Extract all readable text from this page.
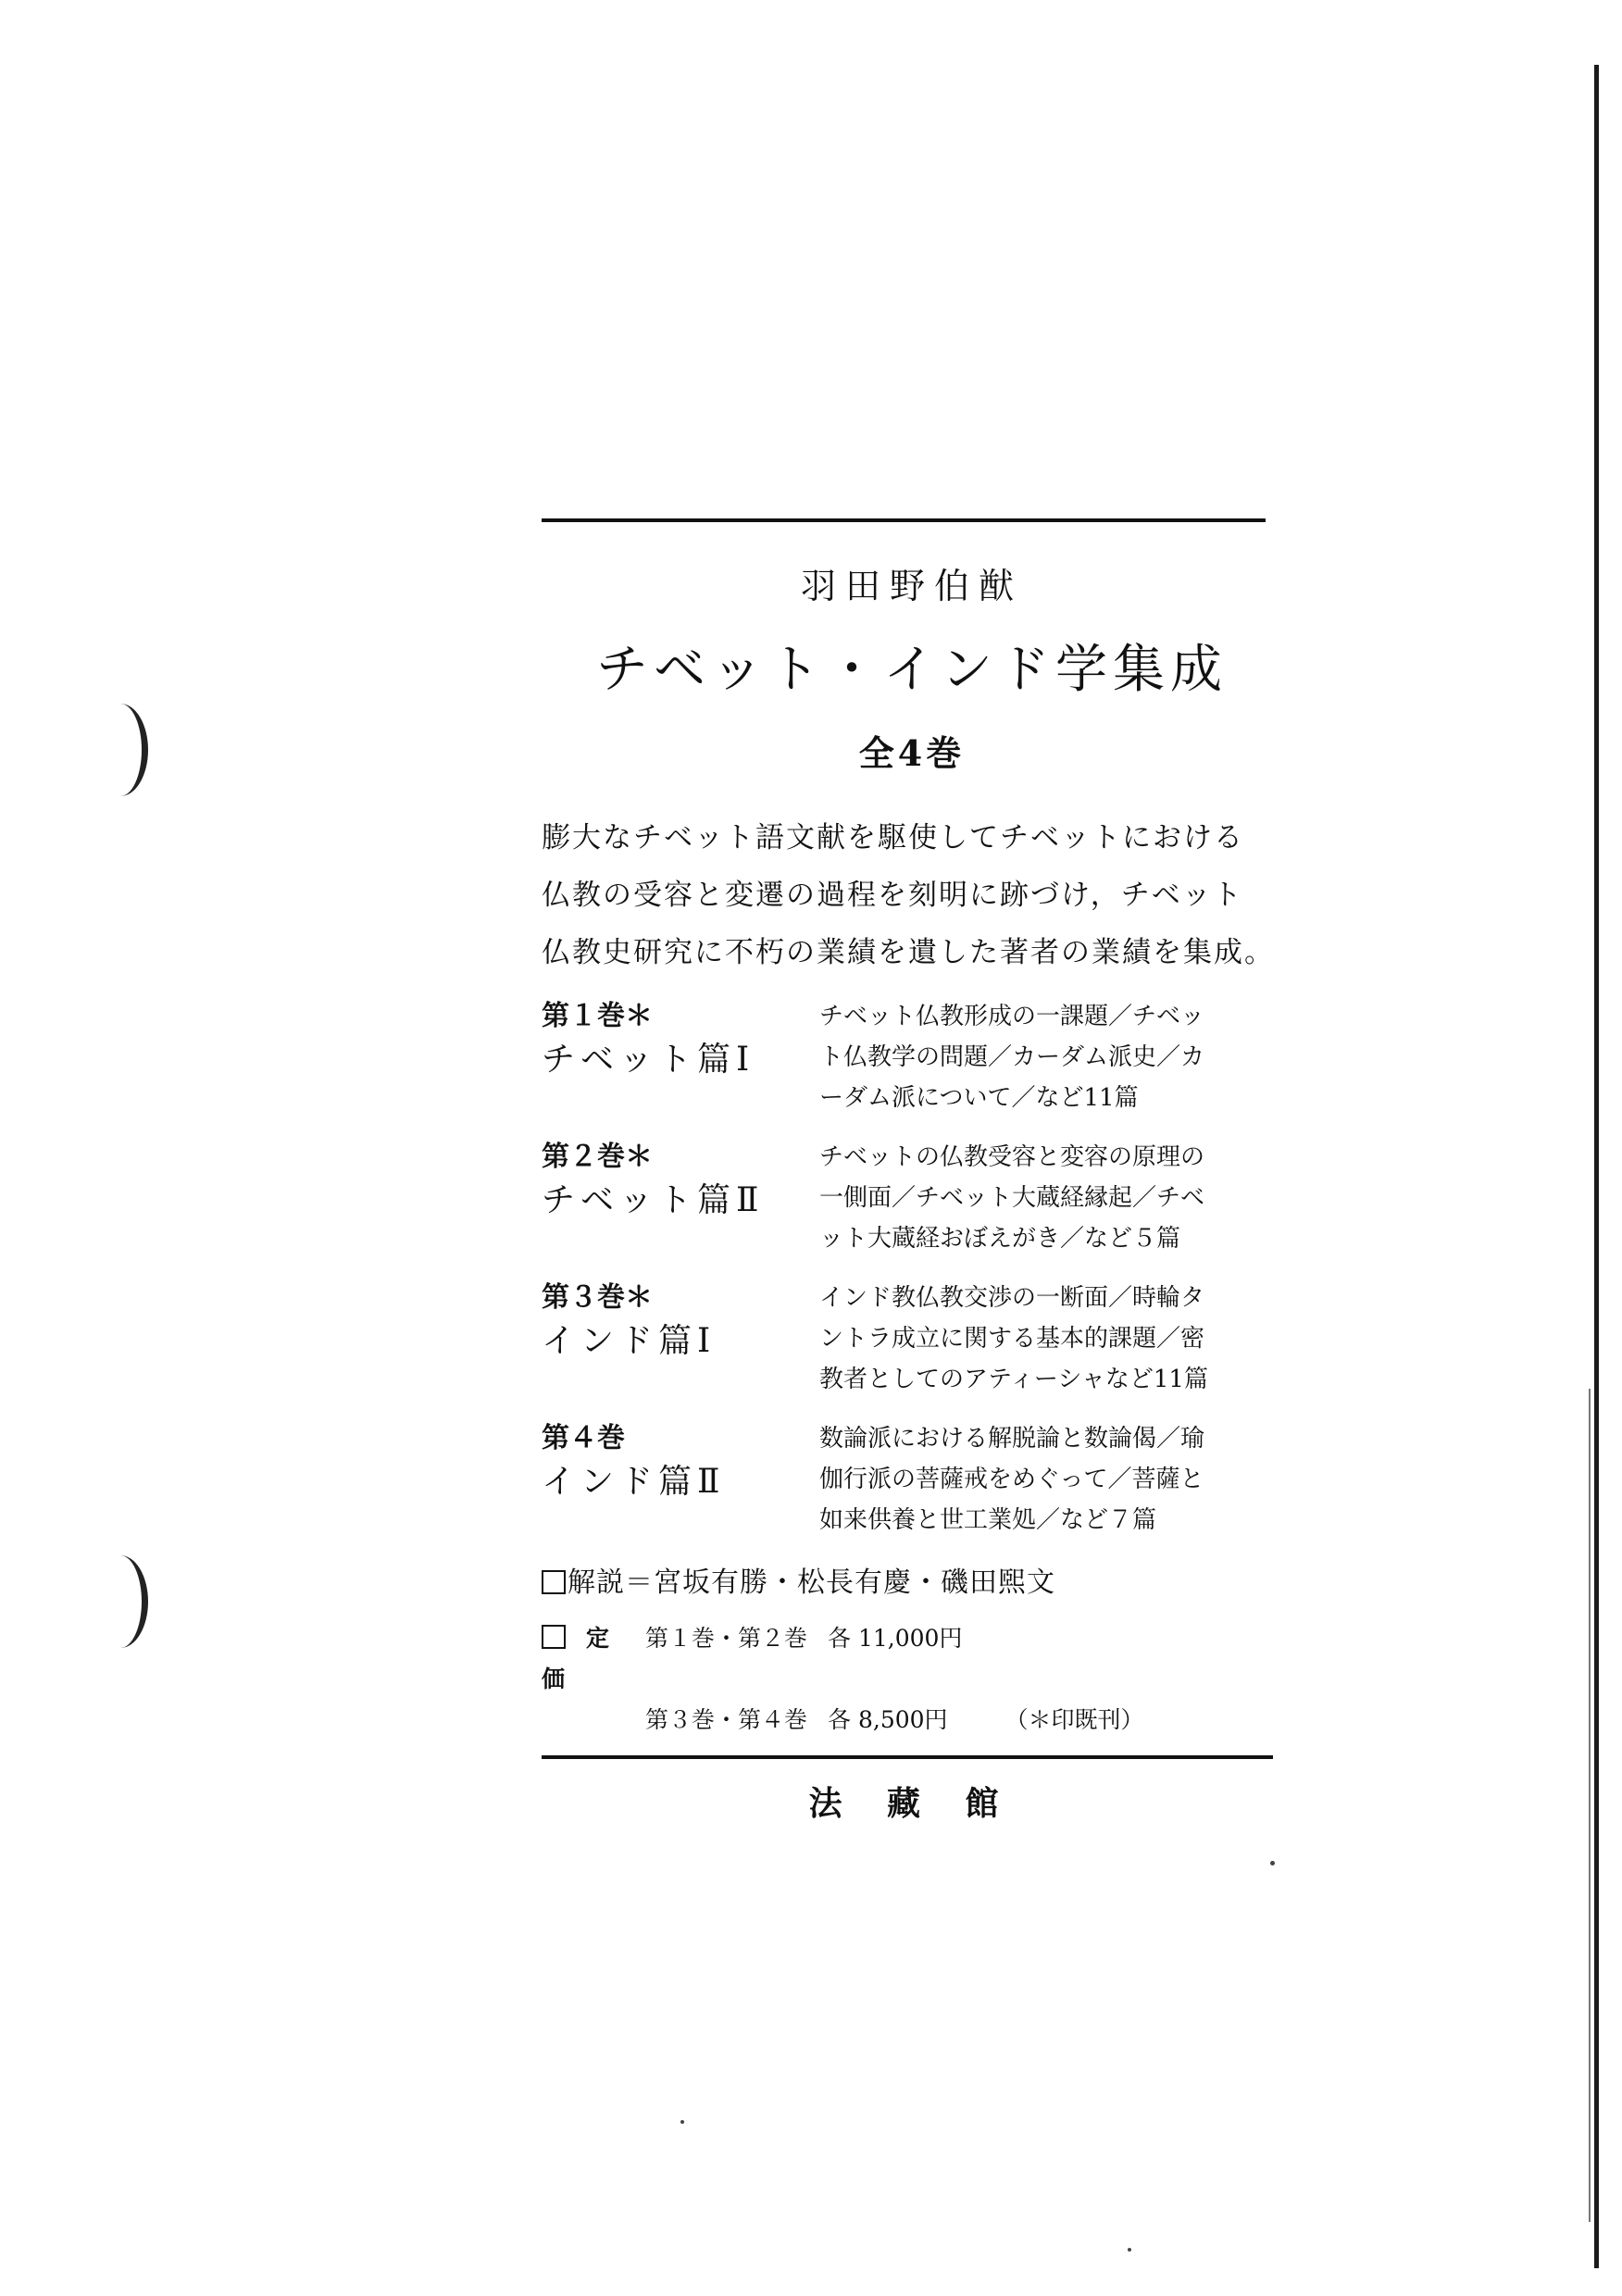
羽田野伯猷
チベット・インド学集成
全4巻
膨大なチベット語文献を駆使してチベットにおける
仏教の受容と変遷の過程を刻明に跡づけ，チベット
仏教史研究に不朽の業績を遺した著者の業績を集成。
第１巻＊
チベット篇Ⅰ
チベット仏教形成の一課題／チベッ
ト仏教学の問題／カーダム派史／カ
ーダム派について／など11篇
第２巻＊
チベット篇Ⅱ
チベットの仏教受容と変容の原理の
一側面／チベット大蔵経縁起／チベ
ット大蔵経おぼえがき／など５篇
第３巻＊
インド篇Ⅰ
インド教仏教交渉の一断面／時輪タ
ントラ成立に関する基本的課題／密
教者としてのアティーシャなど11篇
第４巻
インド篇Ⅱ
数論派における解脱論と数論偈／瑜
伽行派の菩薩戒をめぐって／菩薩と
如来供養と世工業処／など７篇
解説＝宮坂有勝・松長有慶・磯田煕文
定価
第１巻・第２巻 各 11,000円
第３巻・第４巻 各 8,500円 （＊印既刊）
法 藏 館
